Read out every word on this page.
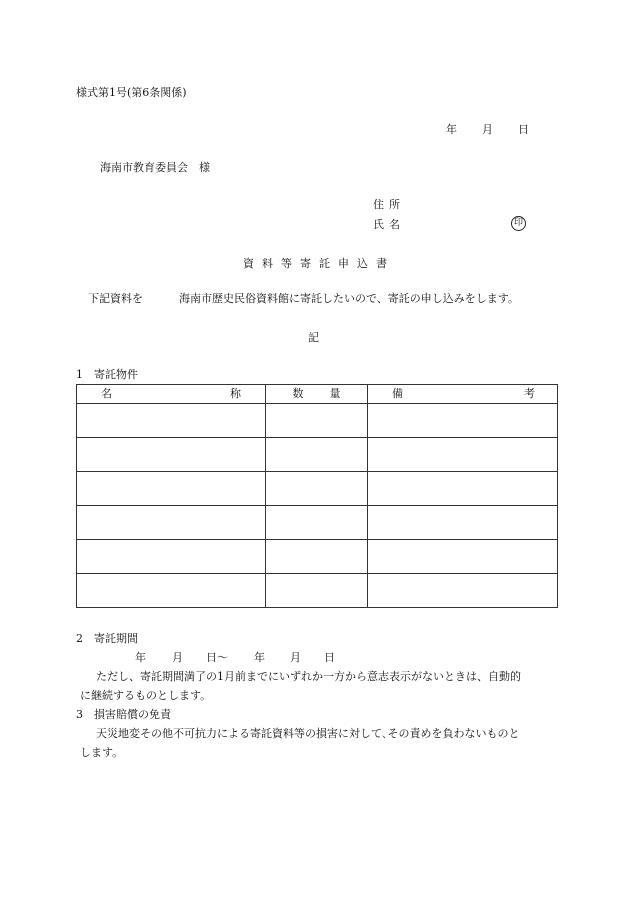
様式第1号(第6条関係)
年 月 日
海南市教育委員会　様
住所
氏名	印
資料等寄託申込書
下記資料を	海南市歴史民俗資料館に寄託したいので、寄託の申し込みをします。
記
1　寄託物件
名 称	数 量	備 考

2　寄託期間
年 月 日〜 年 月 日
ただし、寄託期間満了の1月前までにいずれか一方から意志表示がないときは、自動的
に継続するものとします。
3　損害賠償の免責
天災地変その他不可抗力による寄託資料等の損害に対して､その責めを負わないものと
します。
